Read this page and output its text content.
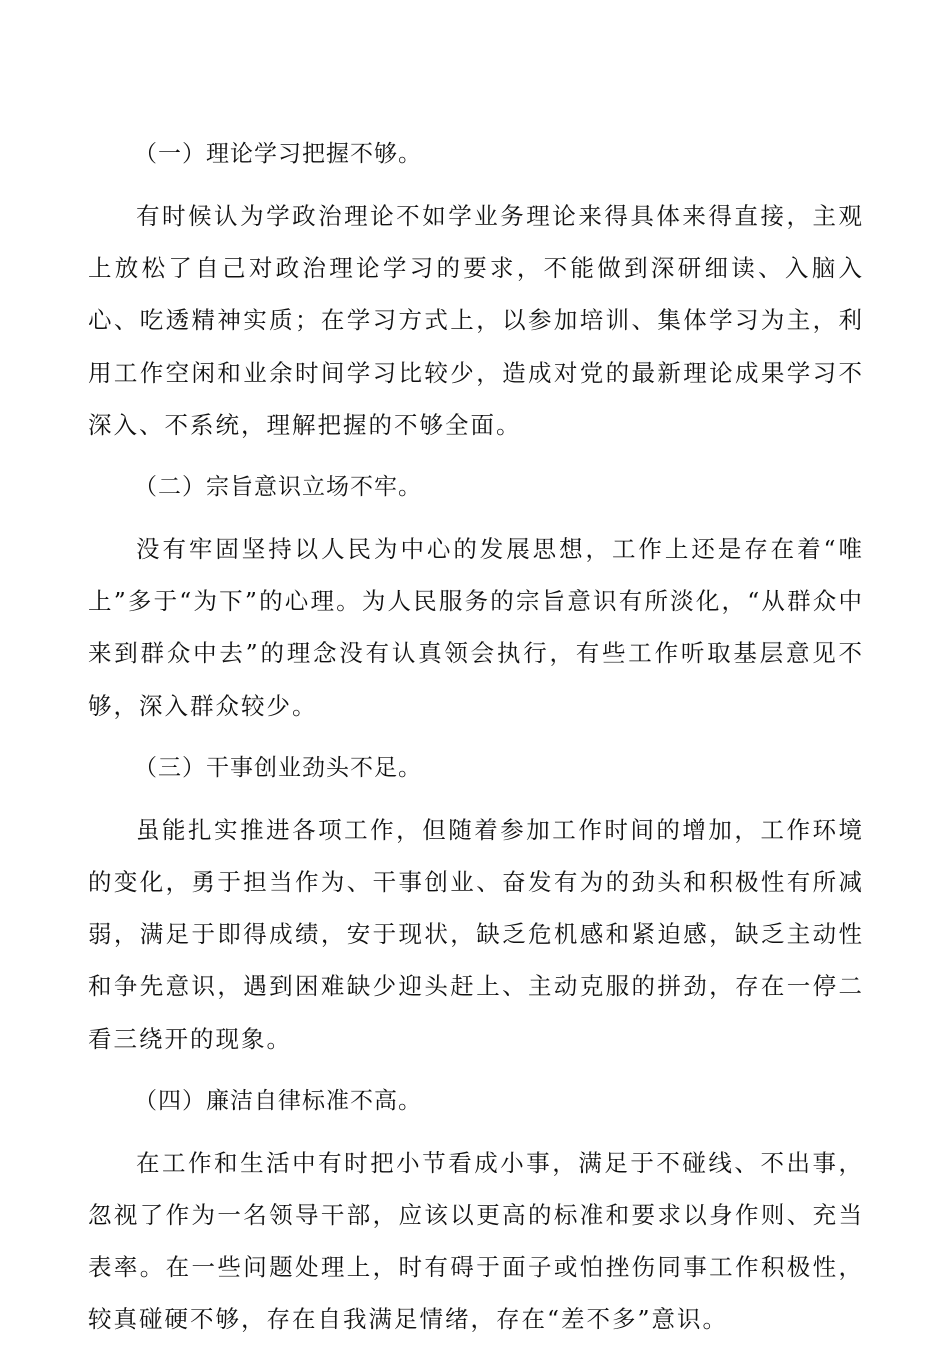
（一）理论学习把握不够。

有时候认为学政治理论不如学业务理论来得具体来得直接，主观上放松了自己对政治理论学习的要求，不能做到深研细读、入脑入心、吃透精神实质；在学习方式上，以参加培训、集体学习为主，利用工作空闲和业余时间学习比较少，造成对党的最新理论成果学习不深入、不系统，理解把握的不够全面。

（二）宗旨意识立场不牢。

没有牢固坚持以人民为中心的发展思想，工作上还是存在着“唯上”多于“为下”的心理。为人民服务的宗旨意识有所淡化，“从群众中来到群众中去”的理念没有认真领会执行，有些工作听取基层意见不够，深入群众较少。

（三）干事创业劲头不足。

虽能扎实推进各项工作，但随着参加工作时间的增加，工作环境的变化，勇于担当作为、干事创业、奋发有为的劲头和积极性有所减弱，满足于即得成绩，安于现状，缺乏危机感和紧迫感，缺乏主动性和争先意识，遇到困难缺少迎头赶上、主动克服的拼劲，存在一停二看三绕开的现象。

（四）廉洁自律标准不高。

在工作和生活中有时把小节看成小事，满足于不碰线、不出事，忽视了作为一名领导干部，应该以更高的标准和要求以身作则、充当表率。在一些问题处理上，时有碍于面子或怕挫伤同事工作积极性，较真碰硬不够，存在自我满足情绪，存在“差不多”意识。
